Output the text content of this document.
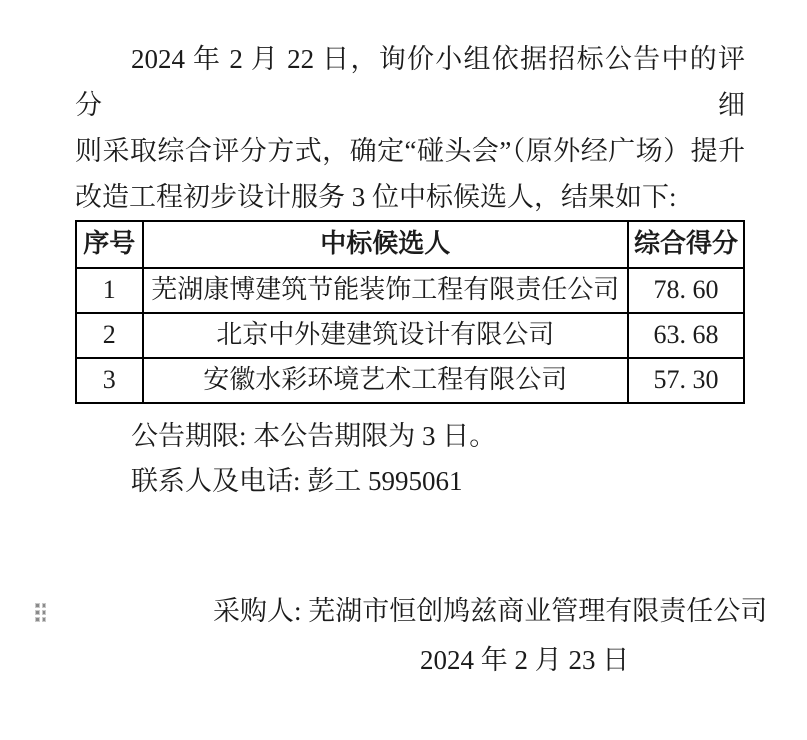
2024 年 2 月 22 日，询价小组依据招标公告中的评分细

则采取综合评分方式，确定“碰头会”（原外经广场）提升

改造工程初步设计服务 3 位中标候选人，结果如下:

序号	中标候选人	综合得分
1	芜湖康博建筑节能装饰工程有限责任公司	78. 60
2	北京中外建建筑设计有限公司	63. 68
3	安徽水彩环境艺术工程有限公司	57. 30

公告期限: 本公告期限为 3 日。

联系人及电话: 彭工 5995061

采购人: 芜湖市恒创鸠兹商业管理有限责任公司

2024 年 2 月 23 日
